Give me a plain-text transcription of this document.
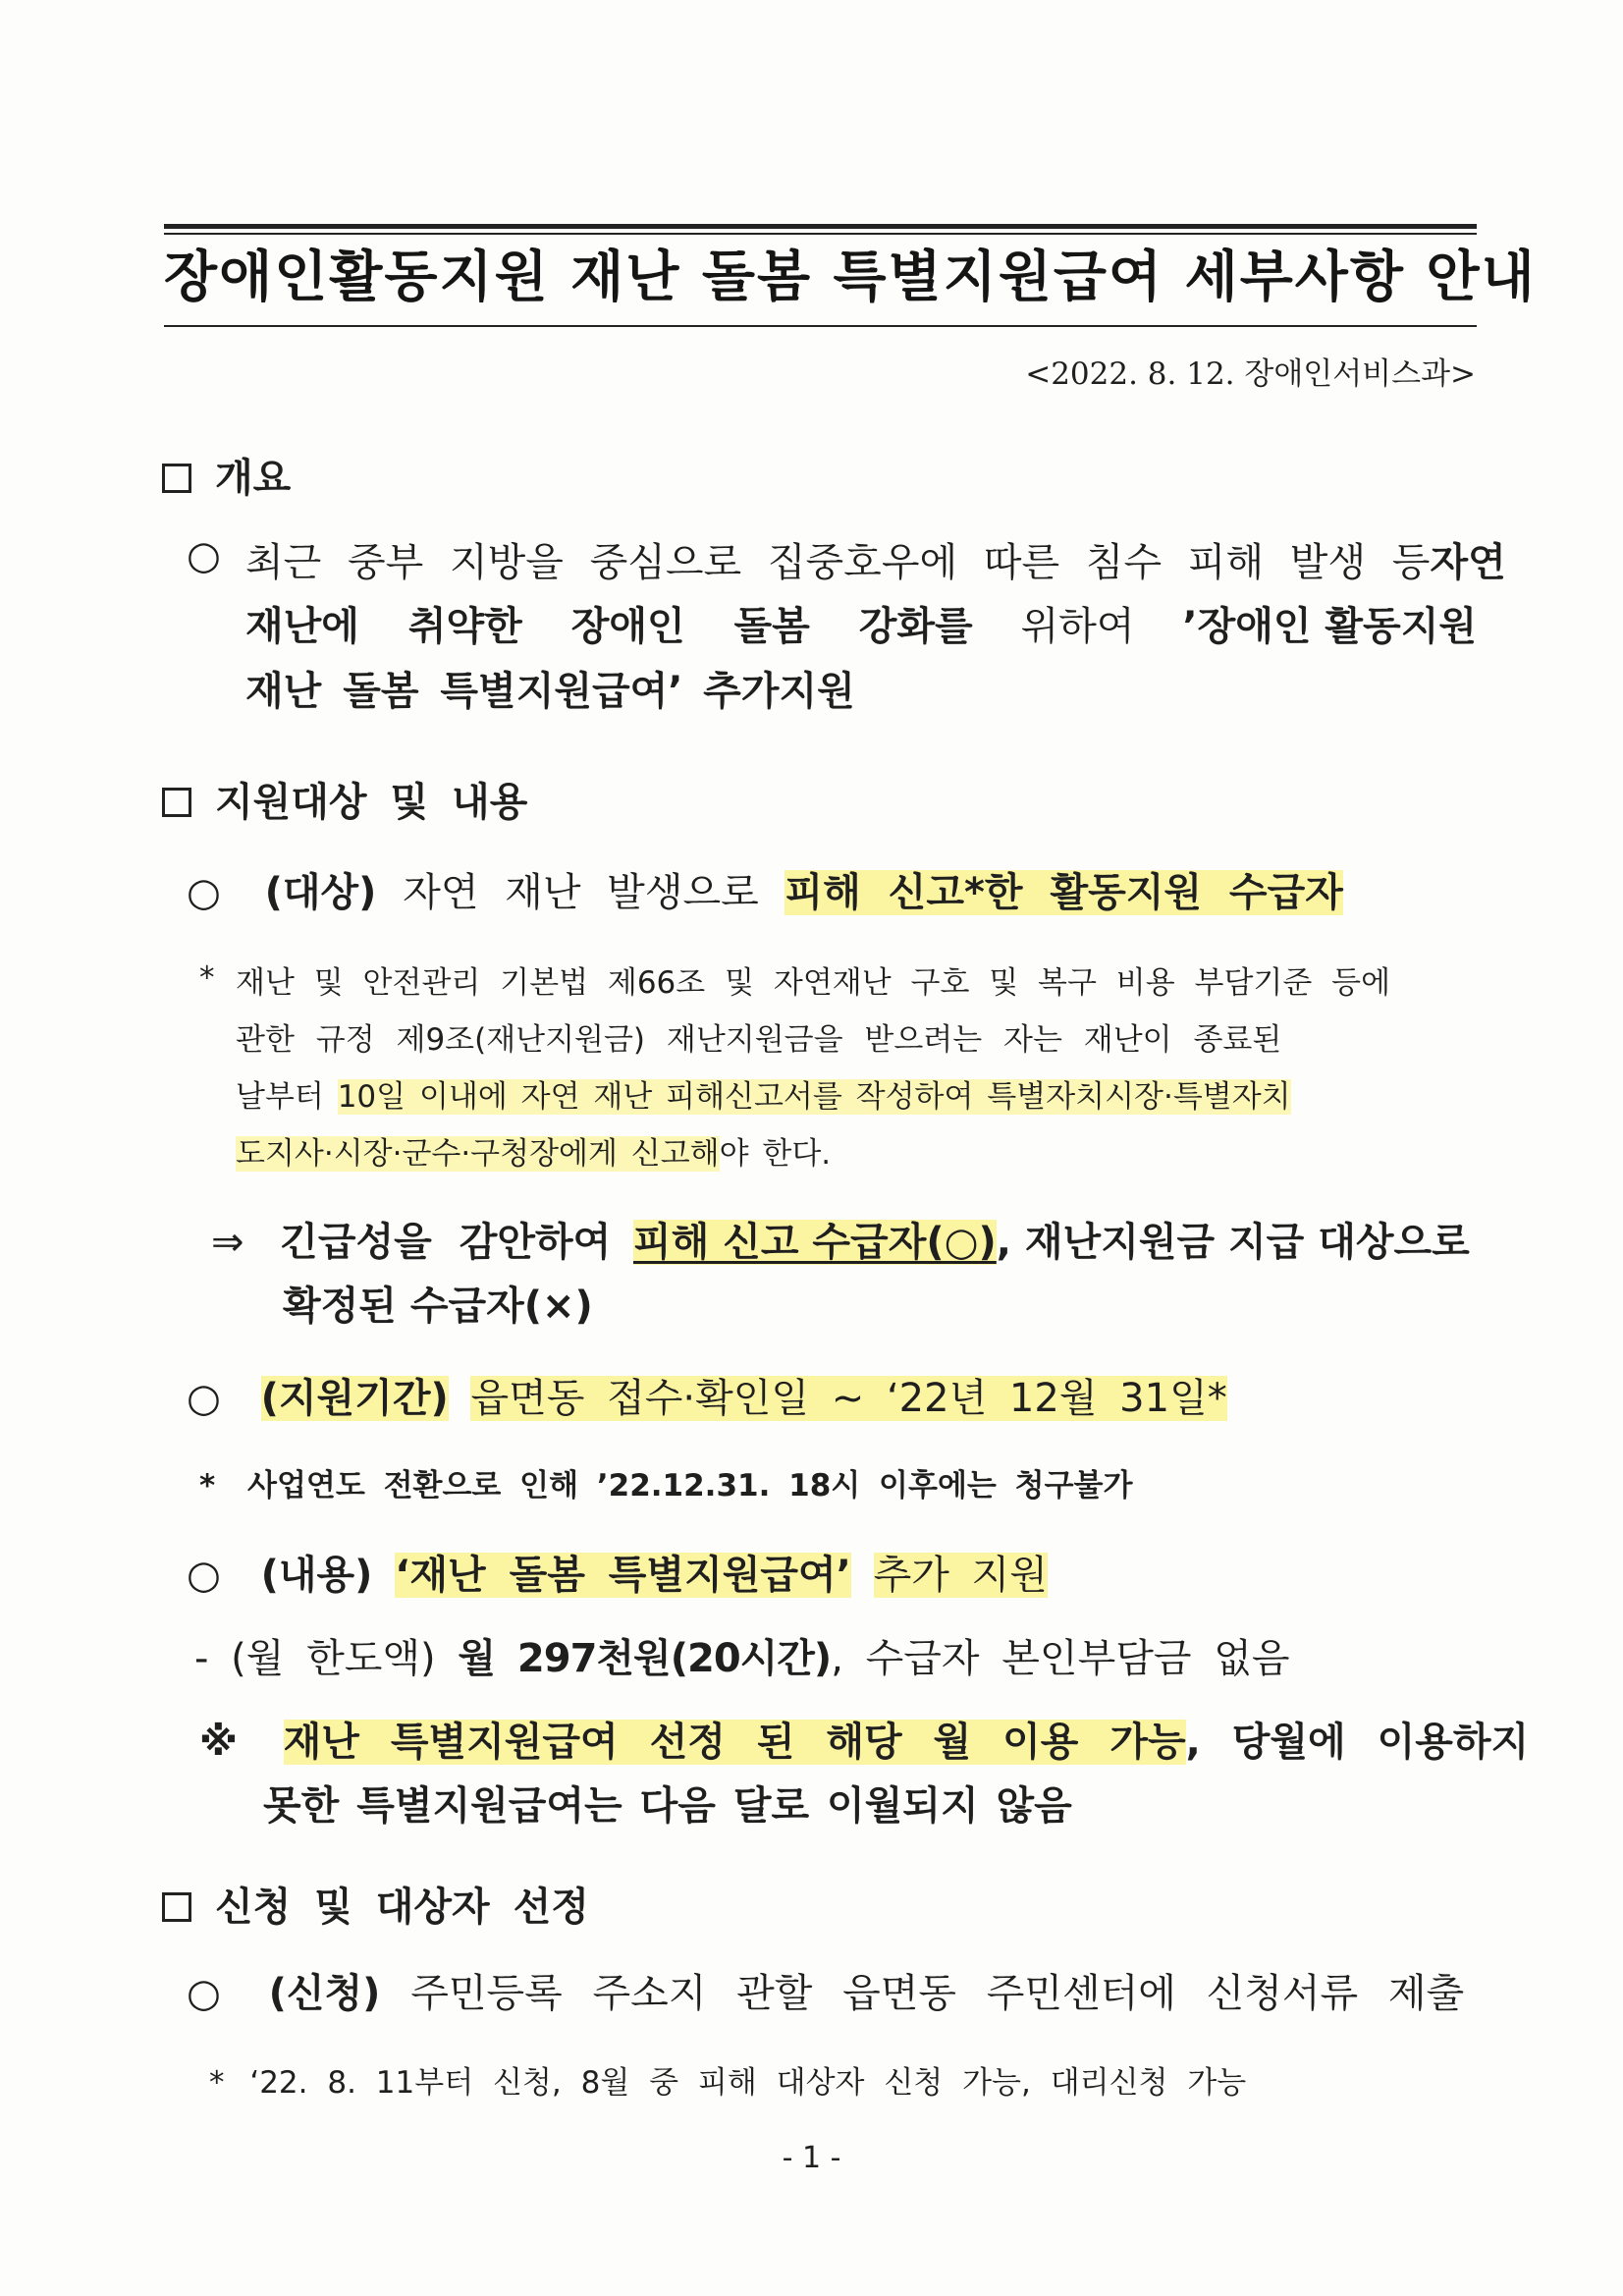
장애인활동지원 재난 돌봄 특별지원급여 세부사항 안내
<2022. 8. 12. 장애인서비스과>
개요
○ 최근 중부 지방을 중심으로 집중호우에 따른 침수 피해 발생 등 자연
재난에 취약한 장애인 돌봄 강화를 위하여 ’장애인 활동지원
재난 돌봄 특별지원급여’ 추가지원
지원대상 및 내용
○ (대상) 자연 재난 발생으로 피해 신고*한 활동지원 수급자
* 재난 및 안전관리 기본법 제66조 및 자연재난 구호 및 복구 비용 부담기준 등에
관한 규정 제9조(재난지원금) 재난지원금을 받으려는 자는 재난이 종료된
날부터 10일 이내에 자연 재난 피해신고서를 작성하여 특별자치시장·특별자치
도지사·시장·군수·구청장에게 신고해야 한다.
⇒ 긴급성을 감안하여 피해 신고 수급자(○), 재난지원금 지급 대상으로
확정된 수급자(×)
○ (지원기간) 읍면동 접수·확인일 ~ ‘22년 12월 31일*
* 사업연도 전환으로 인해 ’22.12.31. 18시 이후에는 청구불가
○ (내용) ‘재난 돌봄 특별지원급여’ 추가 지원
- (월 한도액) 월 297천원(20시간), 수급자 본인부담금 없음
※ 재난 특별지원급여 선정 된 해당 월 이용 가능, 당월에 이용하지
못한 특별지원급여는 다음 달로 이월되지 않음
신청 및 대상자 선정
○ (신청) 주민등록 주소지 관할 읍면동 주민센터에 신청서류 제출
* ‘22. 8. 11부터 신청, 8월 중 피해 대상자 신청 가능, 대리신청 가능
- 1 -
